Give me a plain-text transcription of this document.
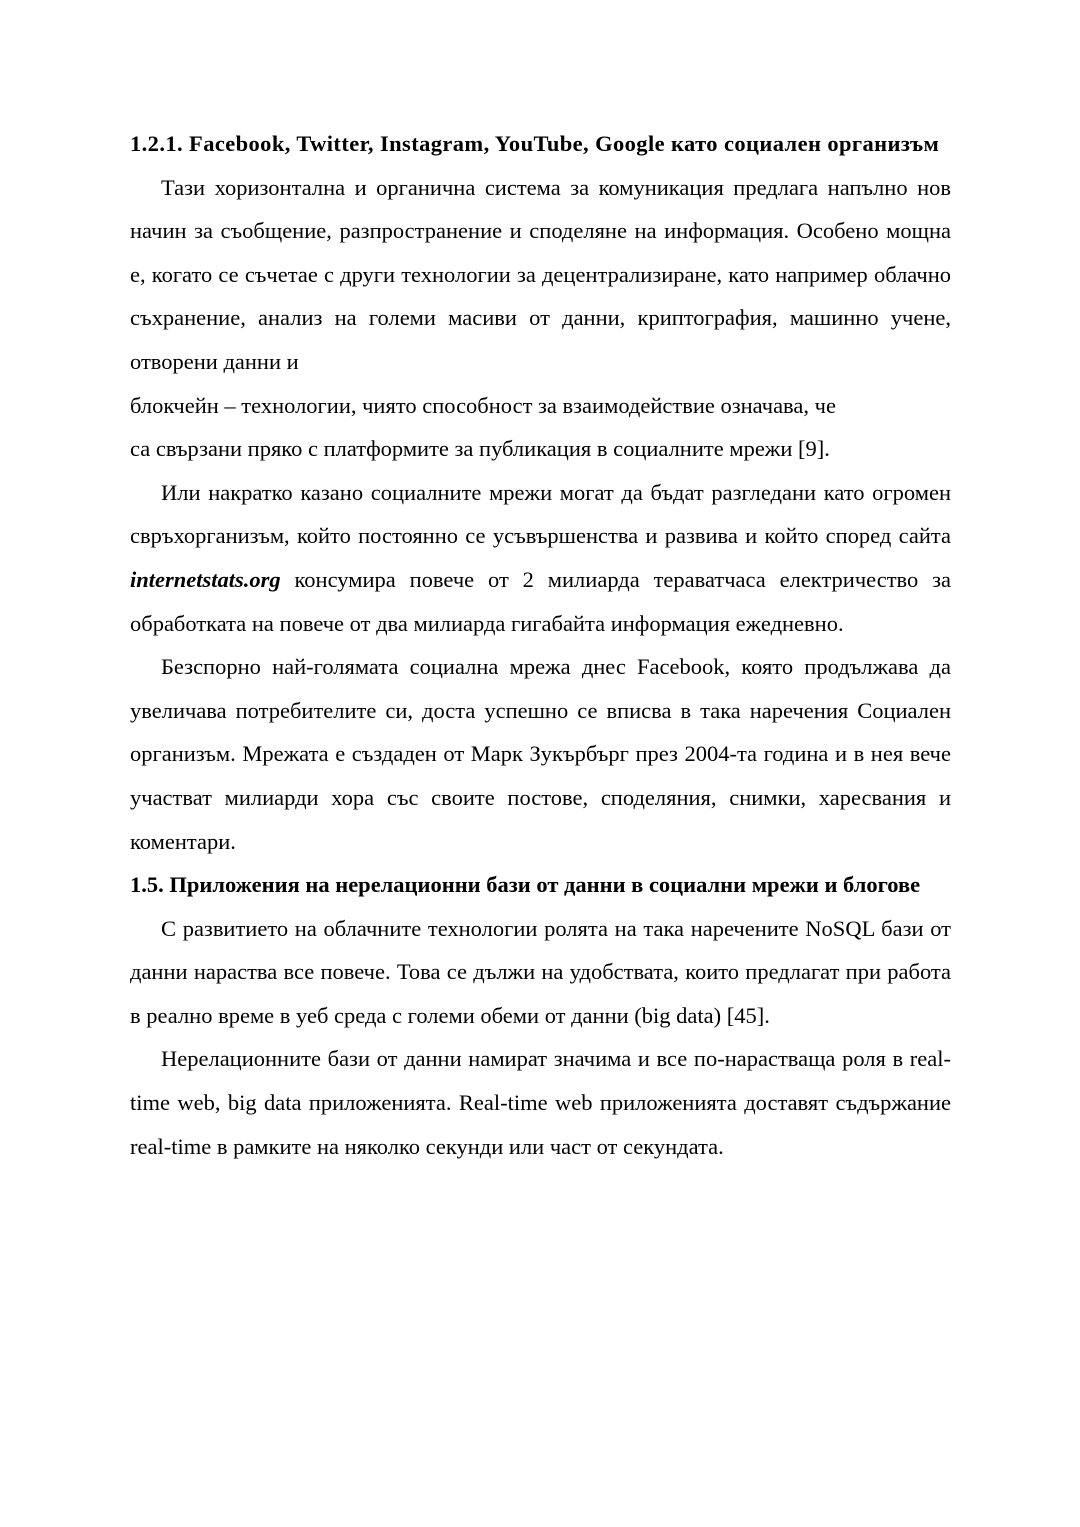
1.2.1. Facebook, Twitter, Instagram, YouTube, Google като социален организъм

Тази хоризонтална и органична система за комуникация предлага напълно нов начин за съобщение, разпространение и споделяне на информация. Особено мощна е, когато се съчетае с други технологии за децентрализиране, като например облачно съхранение, анализ на големи масиви от данни, криптография, машинно учене, отворени данни и

блокчейн – технологии, чиято способност за взаимодействие означава, че
са свързани пряко с платформите за публикация в социалните мрежи [9].

Или накратко казано социалните мрежи могат да бъдат разгледани като огромен свръхорганизъм, който постоянно се усъвършенства и развива и който според сайта internetstats.org консумира повече от 2 милиарда тераватчаса електричество за обработката на повече от два милиарда гигабайта информация ежедневно.

Безспорно най-голямата социална мрежа днес Facebook, която продължава да увеличава потребителите си, доста успешно се вписва в така наречения Социален организъм. Мрежата е създаден от Марк Зукърбърг през 2004-та година и в нея вече участват милиарди хора със своите постове, споделяния, снимки, харесвания и коментари.

1.5. Приложения на нерелационни бази от данни в социални мрежи и блогове

С развитието на облачните технологии ролята на така наречените NoSQL бази от данни нараства все повече. Това се дължи на удобствата, които предлагат при работа в реално време в уеб среда с големи обеми от данни (big data) [45].

Нерелационните бази от данни намират значима и все по-нарастваща роля в real-time web, big data приложенията. Real-time web приложенията доставят съдържание real-time в рамките на няколко секунди или част от секундата.
